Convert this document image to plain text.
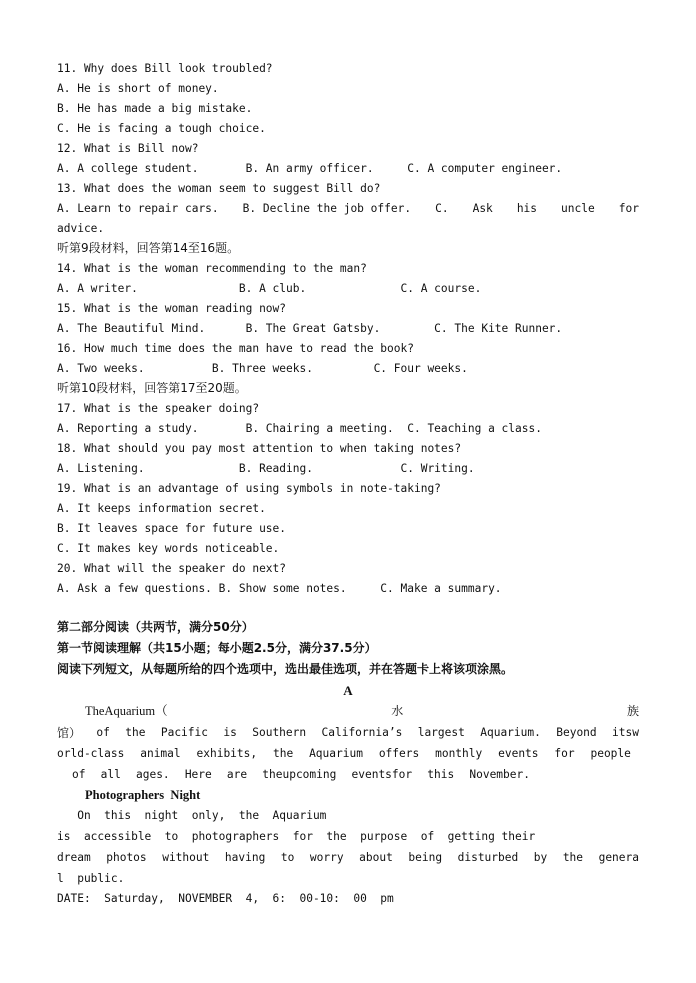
11. Why does Bill look troubled?
A. He is short of money.
B. He has made a big mistake.
C. He is facing a tough choice.
12. What is Bill now?
A. A college student.       B. An army officer.     C. A computer engineer.
13. What does the woman seem to suggest Bill do?
A. Learn to repair cars. B. Decline the job offer. C. Ask his uncle for
advice.
听第9段材料，回答第14至16题。
14. What is the woman recommending to the man?
A. A writer.               B. A club.              C. A course.
15. What is the woman reading now?
A. The Beautiful Mind.      B. The Great Gatsby.        C. The Kite Runner.
16. How much time does the man have to read the book?
A. Two weeks.          B. Three weeks.         C. Four weeks.
听第10段材料，回答第17至20题。
17. What is the speaker doing?
A. Reporting a study.       B. Chairing a meeting.  C. Teaching a class.
18. What should you pay most attention to when taking notes?
A. Listening.              B. Reading.             C. Writing.
19. What is an advantage of using symbols in note-taking?
A. It keeps information secret.
B. It leaves space for future use.
C. It makes key words noticeable.
20. What will the speaker do next?
A. Ask a few questions. B. Show some notes.     C. Make a summary.
第二部分阅读（共两节，满分50分）
第一节阅读理解（共15小题；每小题2.5分，满分37.5分）
阅读下列短文，从每题所给的四个选项中，选出最佳选项，并在答题卡上将该项涂黑。
A
TheAquarium（	水	族
馆） of the Pacific is Southern California’s largest Aquarium. Beyond itsw
orld-class animal exhibits, the Aquarium offers monthly events for people
of all ages. Here are theupcoming eventsfor this November.
Photographers  Night
On  this  night  only,  the  Aquarium
is  accessible  to  photographers  for  the  purpose  of  getting their
dream photos without having to worry about being disturbed by the genera
l  public.
DATE:  Saturday,  NOVEMBER  4,  6:  00-10:  00  pm
